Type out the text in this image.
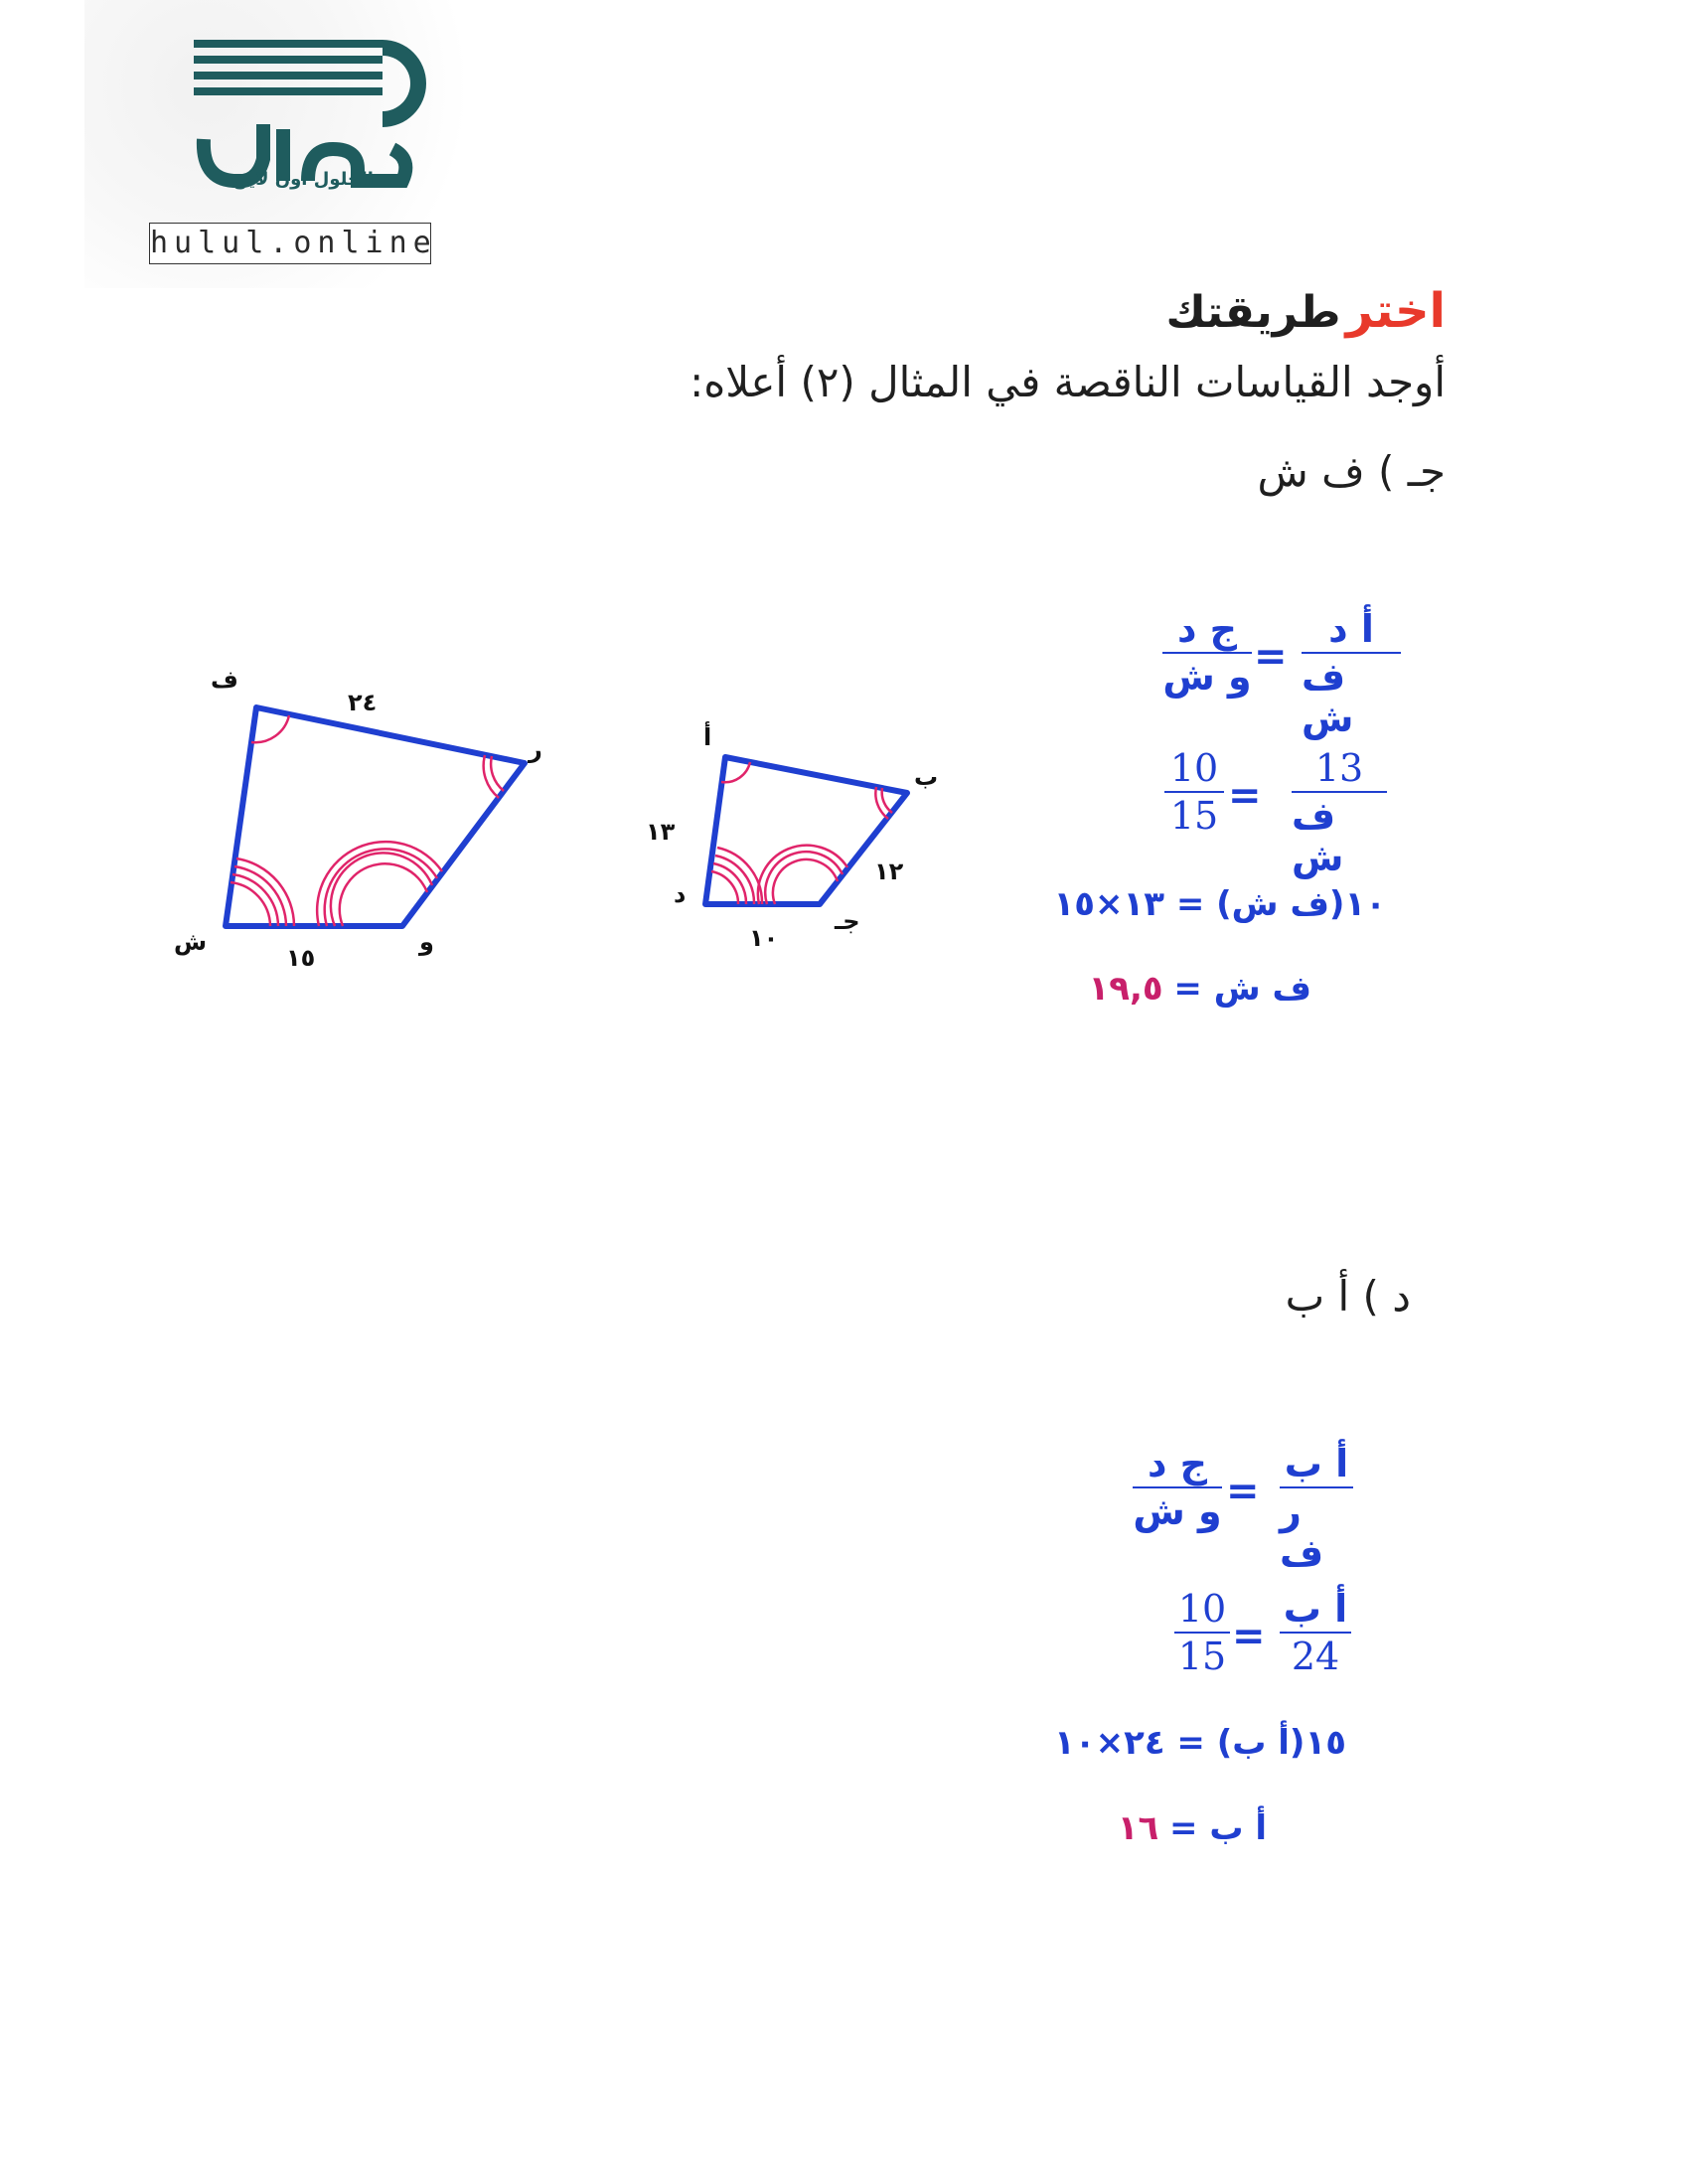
الحلول اون لاين
hulul.online
اختر طريقتك
أوجد القياسات الناقصة في المثال (٢) أعلاه:
جـ ) ف ش
ف
ر
و
ش
٢٤
١٥
أ
ب
جـ
د
١٣
١٢
١٠
أ د
ف ش
=
ج د
و ش
13
ف ش
=
10
15
١٠(ف ش) = ١٣×١٥
ف ش = ١٩,٥
د ) أ ب
أ ب
ر ف
=
ج د
و ش
أ ب
24
=
10
15
١٥(أ ب) = ٢٤×١٠
أ ب = ١٦
